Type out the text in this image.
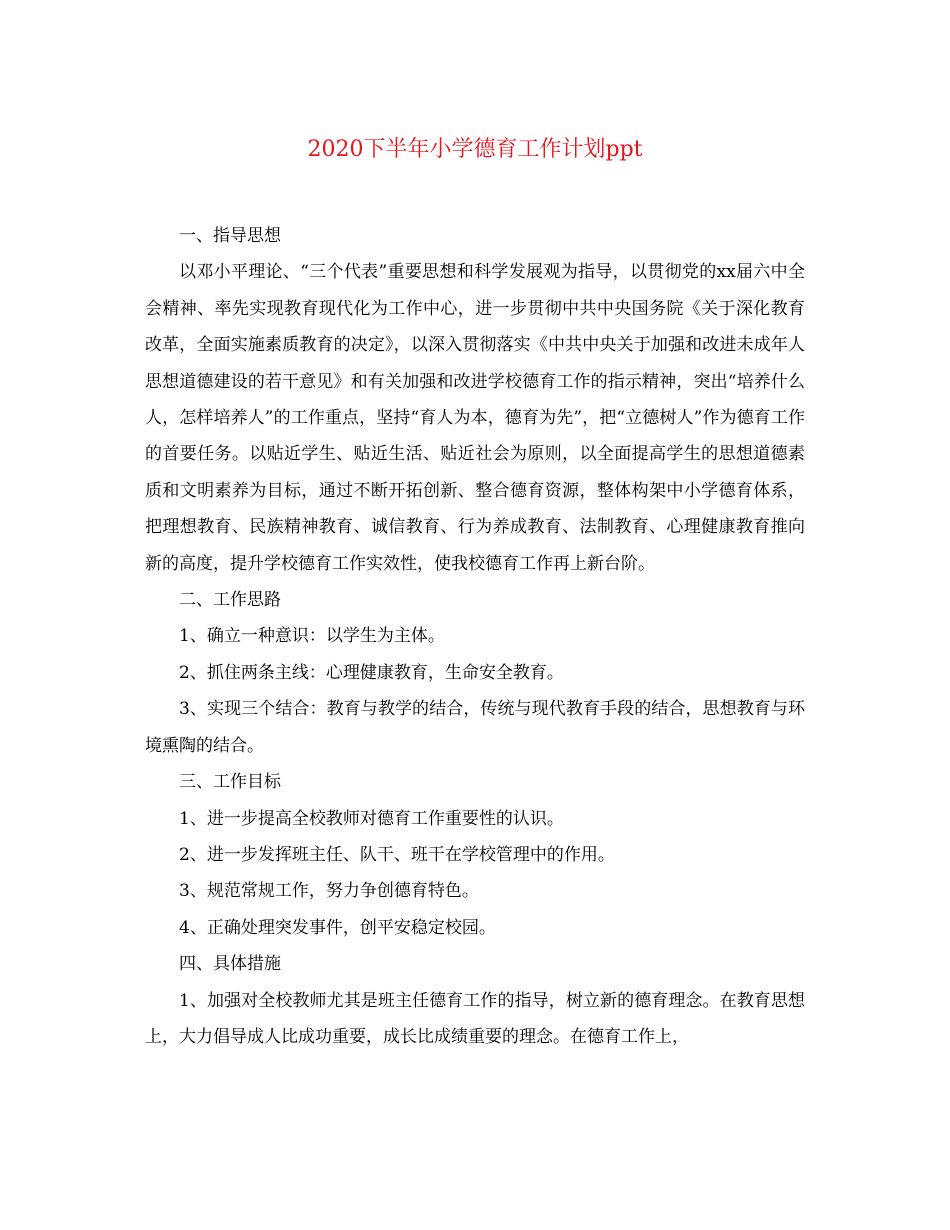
2020下半年小学德育工作计划ppt

一、指导思想

以邓小平理论、“三个代表”重要思想和科学发展观为指导，以贯彻党的xx届六中全会精神、率先实现教育现代化为工作中心，进一步贯彻中共中央国务院《关于深化教育改革，全面实施素质教育的决定》，以深入贯彻落实《中共中央关于加强和改进未成年人思想道德建设的若干意见》和有关加强和改进学校德育工作的指示精神，突出“培养什么人，怎样培养人”的工作重点，坚持“育人为本，德育为先”，把“立德树人”作为德育工作的首要任务。以贴近学生、贴近生活、贴近社会为原则，以全面提高学生的思想道德素质和文明素养为目标，通过不断开拓创新、整合德育资源，整体构架中小学德育体系，把理想教育、民族精神教育、诚信教育、行为养成教育、法制教育、心理健康教育推向新的高度，提升学校德育工作实效性，使我校德育工作再上新台阶。

二、工作思路

1、确立一种意识：以学生为主体。

2、抓住两条主线：心理健康教育，生命安全教育。

3、实现三个结合：教育与教学的结合，传统与现代教育手段的结合，思想教育与环境熏陶的结合。

三、工作目标

1、进一步提高全校教师对德育工作重要性的认识。

2、进一步发挥班主任、队干、班干在学校管理中的作用。

3、规范常规工作，努力争创德育特色。

4、正确处理突发事件，创平安稳定校园。

四、具体措施

1、加强对全校教师尤其是班主任德育工作的指导，树立新的德育理念。在教育思想上，大力倡导成人比成功重要，成长比成绩重要的理念。在德育工作上，
